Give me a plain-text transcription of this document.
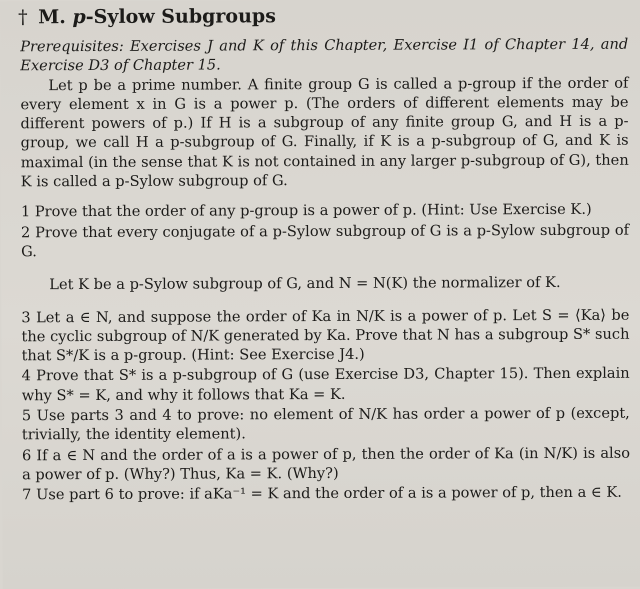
† M. p-Sylow Subgroups

Prerequisites: Exercises J and K of this Chapter, Exercise I1 of Chapter 14, and Exercise D3 of Chapter 15.

Let p be a prime number. A finite group G is called a p-group if the order of every element x in G is a power p. (The orders of different elements may be different powers of p.) If H is a subgroup of any finite group G, and H is a p-group, we call H a p-subgroup of G. Finally, if K is a p-subgroup of G, and K is maximal (in the sense that K is not contained in any larger p-subgroup of G), then K is called a p-Sylow subgroup of G.

1 Prove that the order of any p-group is a power of p. (Hint: Use Exercise K.)

2 Prove that every conjugate of a p-Sylow subgroup of G is a p-Sylow subgroup of G.

Let K be a p-Sylow subgroup of G, and N = N(K) the normalizer of K.

3 Let a ∈ N, and suppose the order of Ka in N/K is a power of p. Let S = ⟨Ka⟩ be the cyclic subgroup of N/K generated by Ka. Prove that N has a subgroup S* such that S*/K is a p-group. (Hint: See Exercise J4.)

4 Prove that S* is a p-subgroup of G (use Exercise D3, Chapter 15). Then explain why S* = K, and why it follows that Ka = K.

5 Use parts 3 and 4 to prove: no element of N/K has order a power of p (except, trivially, the identity element).

6 If a ∈ N and the order of a is a power of p, then the order of Ka (in N/K) is also a power of p. (Why?) Thus, Ka = K. (Why?)

7 Use part 6 to prove: if aKa⁻¹ = K and the order of a is a power of p, then a ∈ K.
